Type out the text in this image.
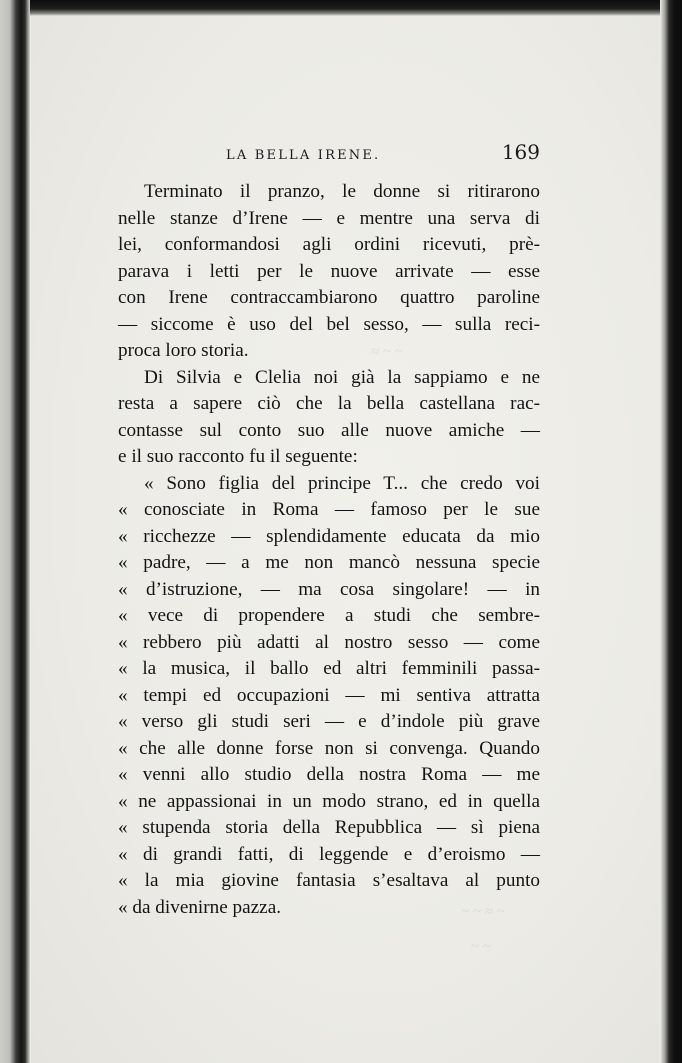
≈ ~ ~
~ ~ ≈ ~
~ ~
LA BELLA IRENE.	169
Terminato il pranzo, le donne si ritirarono
nelle stanze d’Irene — e mentre una serva di
lei, conformandosi agli ordini ricevuti, prè-
parava i letti per le nuove arrivate — esse
con Irene contraccambiarono quattro paroline
— siccome è uso del bel sesso, — sulla reci-
proca loro storia.
Di Silvia e Clelia noi già la sappiamo e ne
resta a sapere ciò che la bella castellana rac-
contasse sul conto suo alle nuove amiche —
e il suo racconto fu il seguente:
« Sono figlia del principe T... che credo voi
« conosciate in Roma — famoso per le sue
« ricchezze — splendidamente educata da mio
« padre, — a me non mancò nessuna specie
« d’istruzione, — ma cosa singolare! — in
« vece di propendere a studi che sembre-
« rebbero più adatti al nostro sesso — come
« la musica, il ballo ed altri femminili passa-
« tempi ed occupazioni — mi sentiva attratta
« verso gli studi seri — e d’indole più grave
« che alle donne forse non si convenga. Quando
« venni allo studio della nostra Roma — me
« ne appassionai in un modo strano, ed in quella
« stupenda storia della Repubblica — sì piena
« di grandi fatti, di leggende e d’eroismo —
« la mia giovine fantasia s’esaltava al punto
« da divenirne pazza.
